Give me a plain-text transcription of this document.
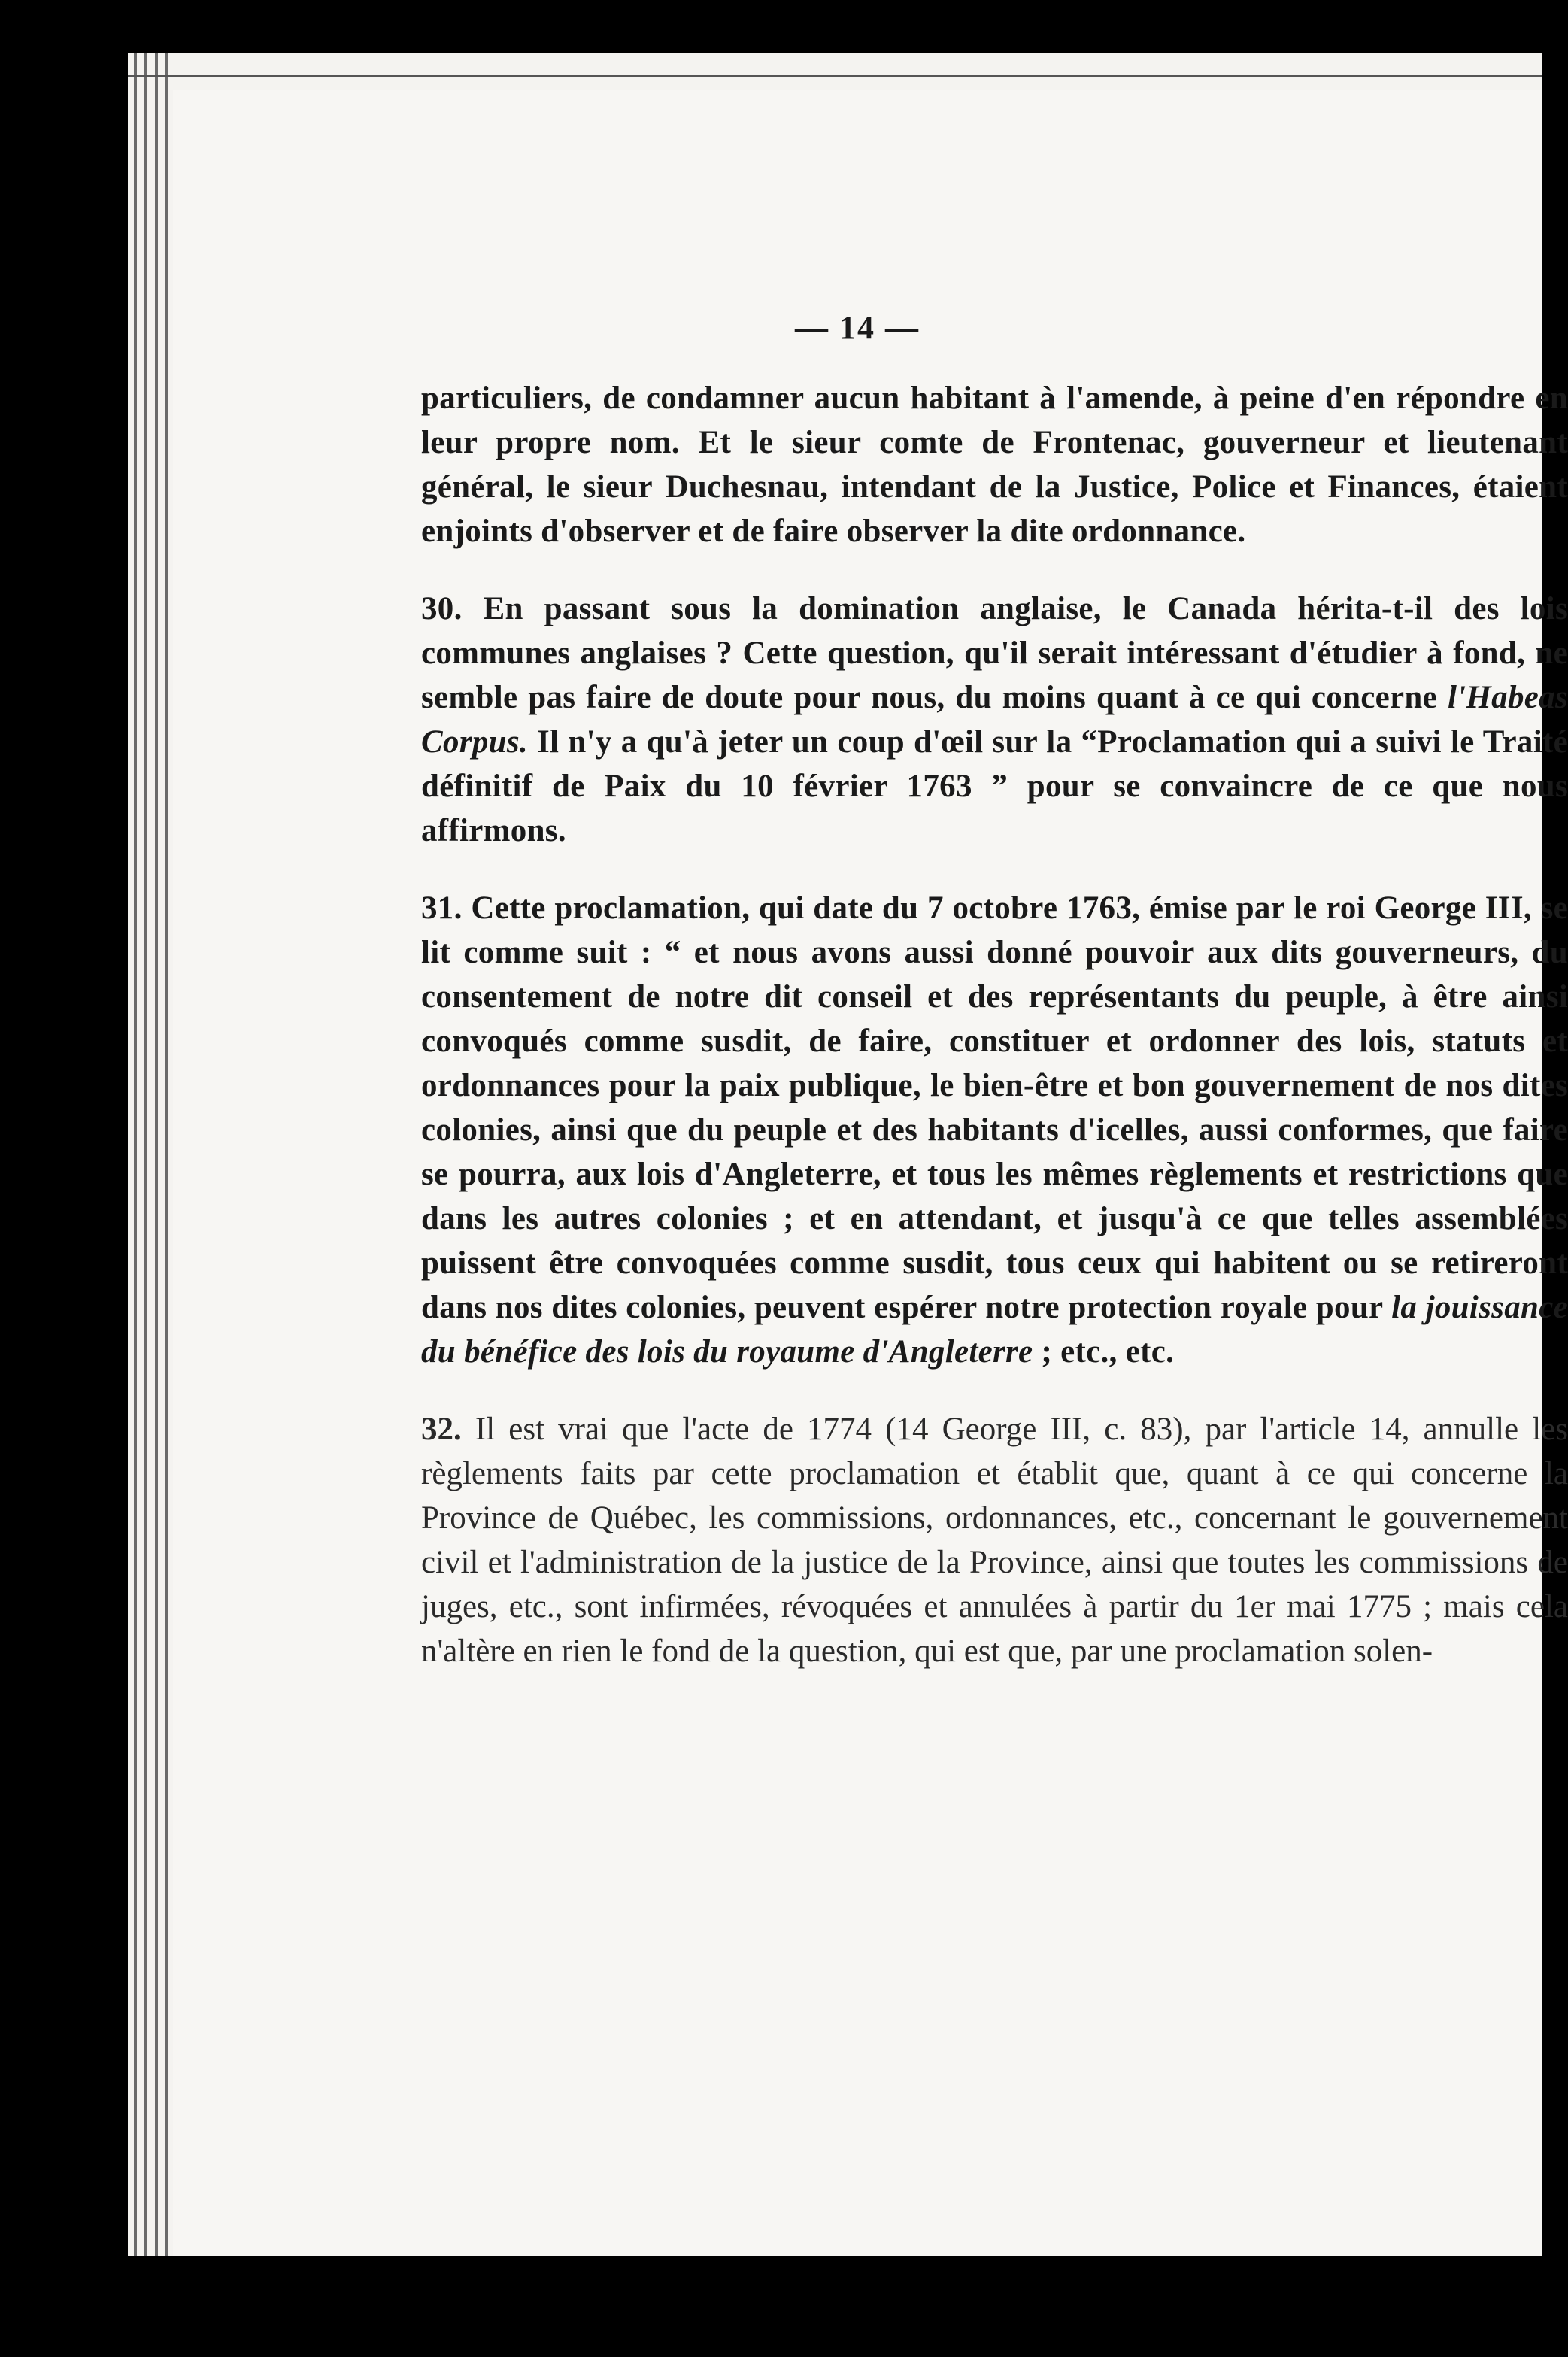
— 14 —

particuliers, de condamner aucun habitant à l'amende, à peine d'en répondre en leur propre nom. Et le sieur comte de Frontenac, gouverneur et lieutenant général, le sieur Duchesnau, intendant de la Justice, Police et Finances, étaient enjoints d'observer et de faire observer la dite ordonnance.

30. En passant sous la domination anglaise, le Canada hérita-t-il des lois communes anglaises ? Cette question, qu'il serait intéressant d'étudier à fond, ne semble pas faire de doute pour nous, du moins quant à ce qui concerne l'Habeas Corpus. Il n'y a qu'à jeter un coup d'œil sur la “Proclamation qui a suivi le Traité définitif de Paix du 10 février 1763 ” pour se convaincre de ce que nous affirmons.

31. Cette proclamation, qui date du 7 octobre 1763, émise par le roi George III, se lit comme suit : “ et nous avons aussi donné pouvoir aux dits gouverneurs, du consentement de notre dit conseil et des représentants du peuple, à être ainsi convoqués comme susdit, de faire, constituer et ordonner des lois, statuts et ordonnances pour la paix publique, le bien-être et bon gouvernement de nos dites colonies, ainsi que du peuple et des habitants d'icelles, aussi conformes, que faire se pourra, aux lois d'Angleterre, et tous les mêmes règlements et restrictions que dans les autres colonies ; et en attendant, et jusqu'à ce que telles assemblées puissent être convoquées comme susdit, tous ceux qui habitent ou se retireront dans nos dites colonies, peuvent espérer notre protection royale pour la jouissance du bénéfice des lois du royaume d'Angleterre ; etc., etc.

32. Il est vrai que l'acte de 1774 (14 George III, c. 83), par l'article 14, annulle les règlements faits par cette proclamation et établit que, quant à ce qui concerne la Province de Québec, les commissions, ordonnances, etc., concernant le gouvernement civil et l'administration de la justice de la Province, ainsi que toutes les commissions de juges, etc., sont infirmées, révoquées et annulées à partir du 1er mai 1775 ; mais cela n'altère en rien le fond de la question, qui est que, par une proclamation solen-
